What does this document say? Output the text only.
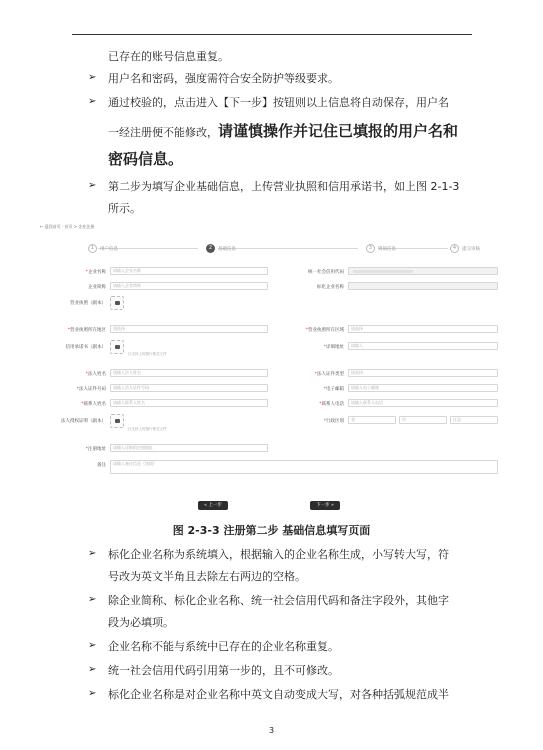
已存在的账号信息重复。
➢ 用户名和密码，强度需符合安全防护等级要求。
➢ 通过校验的，点击进入【下一步】按钮则以上信息将自动保存，用户名
一经注册便不能修改，请谨慎操作并记住已填报的用户名和
密码信息。
➢ 第二步为填写企业基础信息，上传营业执照和信用承诺书，如上图 2-1-3
所示。
← 返回首页 · 首页 > 企业注册
1	用户信息	2	基础信息	3	资质信息	4	提交审核
*企业名称	请输入企业名称	统一社会信用代码
企业简称	请输入企业简称	标化企业名称
营业执照（副本）
*营业执照所在地区	请选择	*营业执照所在区域	请选择
信用承诺书（副本）
仅支持上传图片格式文件
*详细地址	请输入
*法人姓名	请输入法人姓名	*法人证件类型	请选择
*法人证件号码	请输入法人证件号码	*电子邮箱	请输入电子邮箱
*联系人姓名	请输入联系人姓名	*联系人电话	请输入联系人电话
法人授权证明（副本）
仅支持上传图片格式文件
*行政区划	省	市	区县
*注册地址	请输入详细的注册地址
备注	请输入备注信息（选填）
« 上一步	下一步 »
图 2-3-3 注册第二步 基础信息填写页面
➢ 标化企业名称为系统填入，根据输入的企业名称生成，小写转大写，符
号改为英文半角且去除左右两边的空格。
➢ 除企业简称、标化企业名称、统一社会信用代码和备注字段外，其他字
段为必填项。
➢ 企业名称不能与系统中已存在的企业名称重复。
➢ 统一社会信用代码引用第一步的，且不可修改。
➢ 标化企业名称是对企业名称中英文自动变成大写，对各种括弧规范成半
3
